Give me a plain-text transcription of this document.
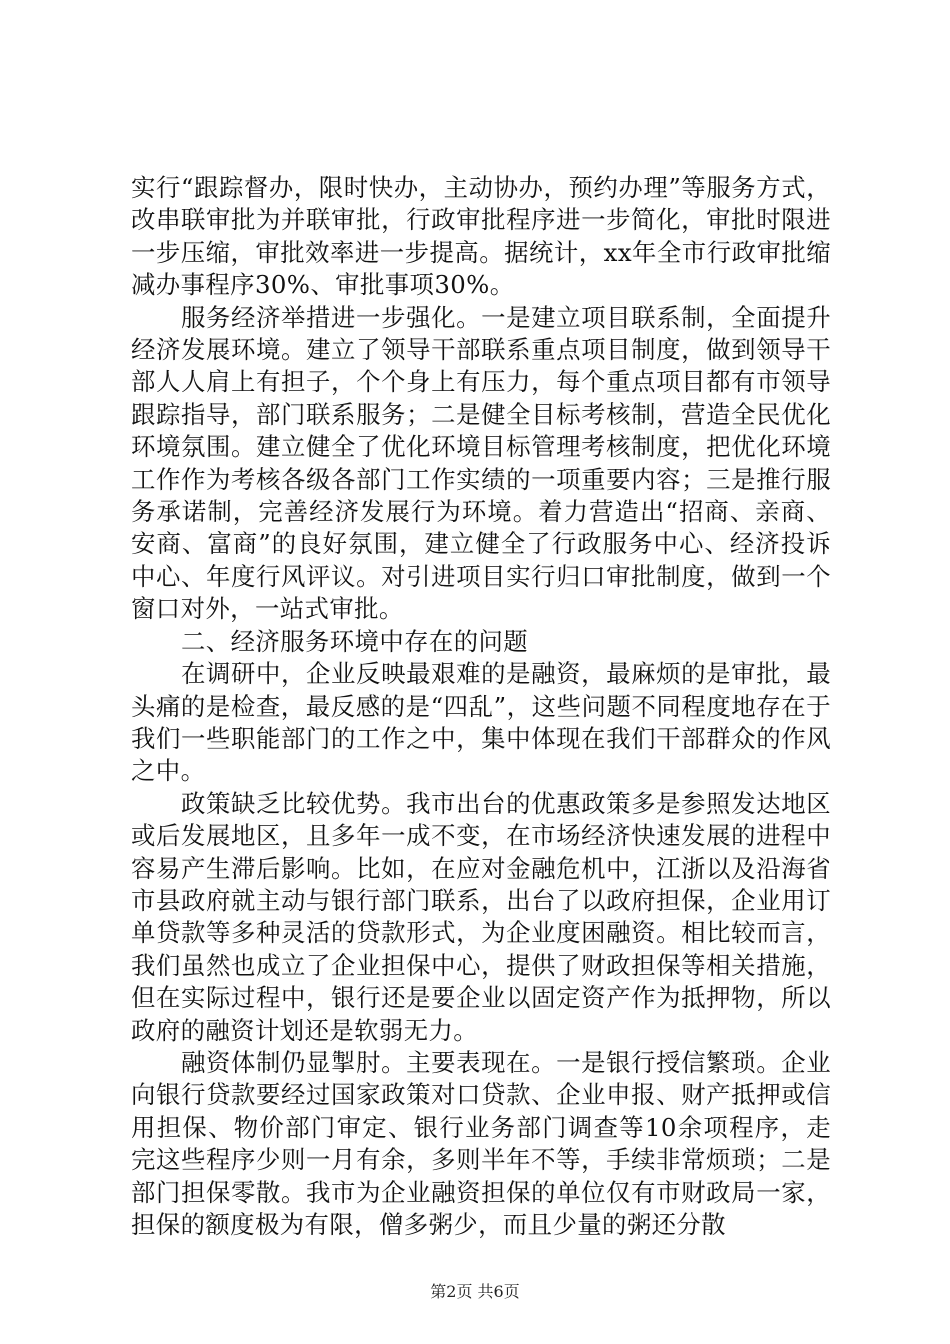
实行“跟踪督办，限时快办，主动协办，预约办理”等服务方式，改串联审批为并联审批，行政审批程序进一步简化，审批时限进一步压缩，审批效率进一步提高。据统计，xx年全市行政审批缩减办事程序30%、审批事项30%。

服务经济举措进一步强化。一是建立项目联系制，全面提升经济发展环境。建立了领导干部联系重点项目制度，做到领导干部人人肩上有担子，个个身上有压力，每个重点项目都有市领导跟踪指导，部门联系服务；二是健全目标考核制，营造全民优化环境氛围。建立健全了优化环境目标管理考核制度，把优化环境工作作为考核各级各部门工作实绩的一项重要内容；三是推行服务承诺制，完善经济发展行为环境。着力营造出“招商、亲商、安商、富商”的良好氛围，建立健全了行政服务中心、经济投诉中心、年度行风评议。对引进项目实行归口审批制度，做到一个窗口对外，一站式审批。

二、经济服务环境中存在的问题

在调研中，企业反映最艰难的是融资，最麻烦的是审批，最头痛的是检查，最反感的是“四乱”，这些问题不同程度地存在于我们一些职能部门的工作之中，集中体现在我们干部群众的作风之中。

政策缺乏比较优势。我市出台的优惠政策多是参照发达地区或后发展地区，且多年一成不变，在市场经济快速发展的进程中容易产生滞后影响。比如，在应对金融危机中，江浙以及沿海省市县政府就主动与银行部门联系，出台了以政府担保，企业用订单贷款等多种灵活的贷款形式，为企业度困融资。相比较而言，我们虽然也成立了企业担保中心，提供了财政担保等相关措施，但在实际过程中，银行还是要企业以固定资产作为抵押物，所以政府的融资计划还是软弱无力。

融资体制仍显掣肘。主要表现在。一是银行授信繁琐。企业向银行贷款要经过国家政策对口贷款、企业申报、财产抵押或信用担保、物价部门审定、银行业务部门调查等10余项程序，走完这些程序少则一月有余，多则半年不等，手续非常烦琐；二是部门担保零散。我市为企业融资担保的单位仅有市财政局一家，担保的额度极为有限，僧多粥少，而且少量的粥还分散

第2页 共6页
